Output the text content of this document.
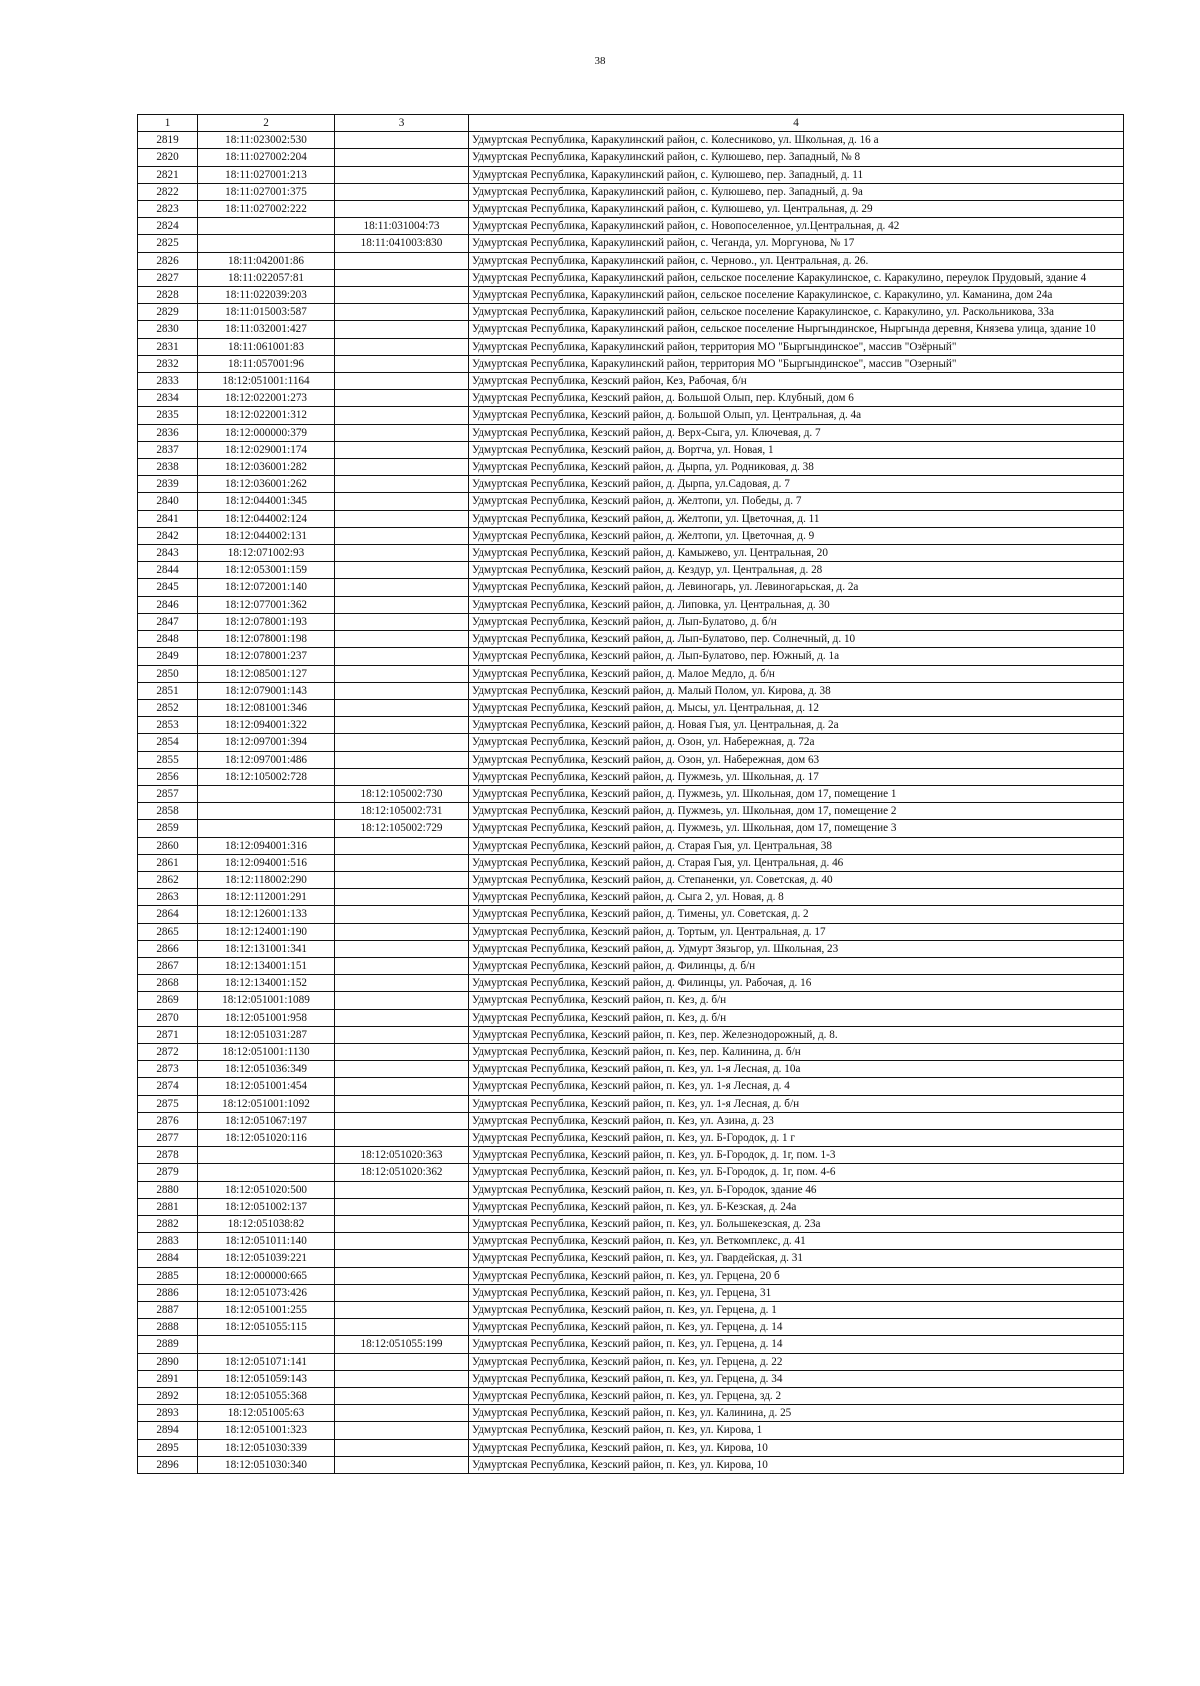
38
1	2	3	4
2819	18:11:023002:530		Удмуртская Республика, Каракулинский район, с. Колесниково, ул. Школьная, д. 16 а
2820	18:11:027002:204		Удмуртская Республика, Каракулинский район, с. Кулюшево, пер. Западный, № 8
2821	18:11:027001:213		Удмуртская Республика, Каракулинский район, с. Кулюшево, пер. Западный, д. 11
2822	18:11:027001:375		Удмуртская Республика, Каракулинский район, с. Кулюшево, пер. Западный, д. 9а
2823	18:11:027002:222		Удмуртская Республика, Каракулинский район, с. Кулюшево, ул. Центральная, д. 29
2824		18:11:031004:73	Удмуртская Республика, Каракулинский район, с. Новопоселенное, ул.Центральная, д. 42
2825		18:11:041003:830	Удмуртская Республика, Каракулинский район, с. Чеганда, ул. Моргунова, № 17
2826	18:11:042001:86		Удмуртская Республика, Каракулинский район, с. Черново., ул. Центральная, д. 26.
2827	18:11:022057:81		Удмуртская Республика, Каракулинский район, сельское поселение Каракулинское, с. Каракулино, переулок Прудовый, здание 4
2828	18:11:022039:203		Удмуртская Республика, Каракулинский район, сельское поселение Каракулинское, с. Каракулино, ул. Каманина, дом 24а
2829	18:11:015003:587		Удмуртская Республика, Каракулинский район, сельское поселение Каракулинское, с. Каракулино, ул. Раскольникова, 33а
2830	18:11:032001:427		Удмуртская Республика, Каракулинский район, сельское поселение Ныргындинское, Ныргында деревня, Князева улица, здание 10
2831	18:11:061001:83		Удмуртская Республика, Каракулинский район, территория МО "Быргындинское", массив "Озёрный"
2832	18:11:057001:96		Удмуртская Республика, Каракулинский район, территория МО "Быргындинское", массив "Озерный"
2833	18:12:051001:1164		Удмуртская Республика, Кезский район, Кез, Рабочая, б/н
2834	18:12:022001:273		Удмуртская Республика, Кезский район, д. Большой Олып, пер. Клубный, дом 6
2835	18:12:022001:312		Удмуртская Республика, Кезский район, д. Большой Олып, ул. Центральная, д. 4а
2836	18:12:000000:379		Удмуртская Республика, Кезский район, д. Верх-Сыга, ул. Ключевая, д. 7
2837	18:12:029001:174		Удмуртская Республика, Кезский район, д. Вортча, ул. Новая, 1
2838	18:12:036001:282		Удмуртская Республика, Кезский район, д. Дырпа, ул. Родниковая, д. 38
2839	18:12:036001:262		Удмуртская Республика, Кезский район, д. Дырпа, ул.Садовая, д. 7
2840	18:12:044001:345		Удмуртская Республика, Кезский район, д. Желтопи, ул. Победы, д. 7
2841	18:12:044002:124		Удмуртская Республика, Кезский район, д. Желтопи, ул. Цветочная, д. 11
2842	18:12:044002:131		Удмуртская Республика, Кезский район, д. Желтопи, ул. Цветочная, д. 9
2843	18:12:071002:93		Удмуртская Республика, Кезский район, д. Камыжево, ул. Центральная, 20
2844	18:12:053001:159		Удмуртская Республика, Кезский район, д. Кездур, ул. Центральная, д. 28
2845	18:12:072001:140		Удмуртская Республика, Кезский район, д. Левиногарь, ул. Левиногарьская, д. 2а
2846	18:12:077001:362		Удмуртская Республика, Кезский район, д. Липовка, ул. Центральная, д. 30
2847	18:12:078001:193		Удмуртская Республика, Кезский район, д. Лып-Булатово, д. б/н
2848	18:12:078001:198		Удмуртская Республика, Кезский район, д. Лып-Булатово, пер. Солнечный, д. 10
2849	18:12:078001:237		Удмуртская Республика, Кезский район, д. Лып-Булатово, пер. Южный, д. 1а
2850	18:12:085001:127		Удмуртская Республика, Кезский район, д. Малое Медло, д. б/н
2851	18:12:079001:143		Удмуртская Республика, Кезский район, д. Малый Полом, ул. Кирова, д. 38
2852	18:12:081001:346		Удмуртская Республика, Кезский район, д. Мысы, ул. Центральная, д. 12
2853	18:12:094001:322		Удмуртская Республика, Кезский район, д. Новая Гыя, ул. Центральная, д. 2а
2854	18:12:097001:394		Удмуртская Республика, Кезский район, д. Озон, ул. Набережная, д. 72а
2855	18:12:097001:486		Удмуртская Республика, Кезский район, д. Озон, ул. Набережная, дом 63
2856	18:12:105002:728		Удмуртская Республика, Кезский район, д. Пужмезь, ул. Школьная, д. 17
2857		18:12:105002:730	Удмуртская Республика, Кезский район, д. Пужмезь, ул. Школьная, дом 17, помещение 1
2858		18:12:105002:731	Удмуртская Республика, Кезский район, д. Пужмезь, ул. Школьная, дом 17, помещение 2
2859		18:12:105002:729	Удмуртская Республика, Кезский район, д. Пужмезь, ул. Школьная, дом 17, помещение 3
2860	18:12:094001:316		Удмуртская Республика, Кезский район, д. Старая Гыя, ул. Центральная, 38
2861	18:12:094001:516		Удмуртская Республика, Кезский район, д. Старая Гыя, ул. Центральная, д. 46
2862	18:12:118002:290		Удмуртская Республика, Кезский район, д. Степаненки, ул. Советская, д. 40
2863	18:12:112001:291		Удмуртская Республика, Кезский район, д. Сыга 2, ул. Новая, д. 8
2864	18:12:126001:133		Удмуртская Республика, Кезский район, д. Тимены, ул. Советская, д. 2
2865	18:12:124001:190		Удмуртская Республика, Кезский район, д. Тортым, ул. Центральная, д. 17
2866	18:12:131001:341		Удмуртская Республика, Кезский район, д. Удмурт Зязьгор, ул. Школьная, 23
2867	18:12:134001:151		Удмуртская Республика, Кезский район, д. Филинцы, д. б/н
2868	18:12:134001:152		Удмуртская Республика, Кезский район, д. Филинцы, ул. Рабочая, д. 16
2869	18:12:051001:1089		Удмуртская Республика, Кезский район, п. Кез, д. б/н
2870	18:12:051001:958		Удмуртская Республика, Кезский район, п. Кез, д. б/н
2871	18:12:051031:287		Удмуртская Республика, Кезский район, п. Кез, пер. Железнодорожный, д. 8.
2872	18:12:051001:1130		Удмуртская Республика, Кезский район, п. Кез, пер. Калинина, д. б/н
2873	18:12:051036:349		Удмуртская Республика, Кезский район, п. Кез, ул. 1-я Лесная, д. 10а
2874	18:12:051001:454		Удмуртская Республика, Кезский район, п. Кез, ул. 1-я Лесная, д. 4
2875	18:12:051001:1092		Удмуртская Республика, Кезский район, п. Кез, ул. 1-я Лесная, д. б/н
2876	18:12:051067:197		Удмуртская Республика, Кезский район, п. Кез, ул. Азина, д. 23
2877	18:12:051020:116		Удмуртская Республика, Кезский район, п. Кез, ул. Б-Городок, д. 1 г
2878		18:12:051020:363	Удмуртская Республика, Кезский район, п. Кез, ул. Б-Городок, д. 1г, пом. 1-3
2879		18:12:051020:362	Удмуртская Республика, Кезский район, п. Кез, ул. Б-Городок, д. 1г, пом. 4-6
2880	18:12:051020:500		Удмуртская Республика, Кезский район, п. Кез, ул. Б-Городок, здание 46
2881	18:12:051002:137		Удмуртская Республика, Кезский район, п. Кез, ул. Б-Кезская, д. 24а
2882	18:12:051038:82		Удмуртская Республика, Кезский район, п. Кез, ул. Большекезская, д. 23а
2883	18:12:051011:140		Удмуртская Республика, Кезский район, п. Кез, ул. Веткомплекс, д. 41
2884	18:12:051039:221		Удмуртская Республика, Кезский район, п. Кез, ул. Гвардейская, д. 31
2885	18:12:000000:665		Удмуртская Республика, Кезский район, п. Кез, ул. Герцена, 20 б
2886	18:12:051073:426		Удмуртская Республика, Кезский район, п. Кез, ул. Герцена, 31
2887	18:12:051001:255		Удмуртская Республика, Кезский район, п. Кез, ул. Герцена, д. 1
2888	18:12:051055:115		Удмуртская Республика, Кезский район, п. Кез, ул. Герцена, д. 14
2889		18:12:051055:199	Удмуртская Республика, Кезский район, п. Кез, ул. Герцена, д. 14
2890	18:12:051071:141		Удмуртская Республика, Кезский район, п. Кез, ул. Герцена, д. 22
2891	18:12:051059:143		Удмуртская Республика, Кезский район, п. Кез, ул. Герцена, д. 34
2892	18:12:051055:368		Удмуртская Республика, Кезский район, п. Кез, ул. Герцена, зд. 2
2893	18:12:051005:63		Удмуртская Республика, Кезский район, п. Кез, ул. Калинина, д. 25
2894	18:12:051001:323		Удмуртская Республика, Кезский район, п. Кез, ул. Кирова, 1
2895	18:12:051030:339		Удмуртская Республика, Кезский район, п. Кез, ул. Кирова, 10
2896	18:12:051030:340		Удмуртская Республика, Кезский район, п. Кез, ул. Кирова, 10
